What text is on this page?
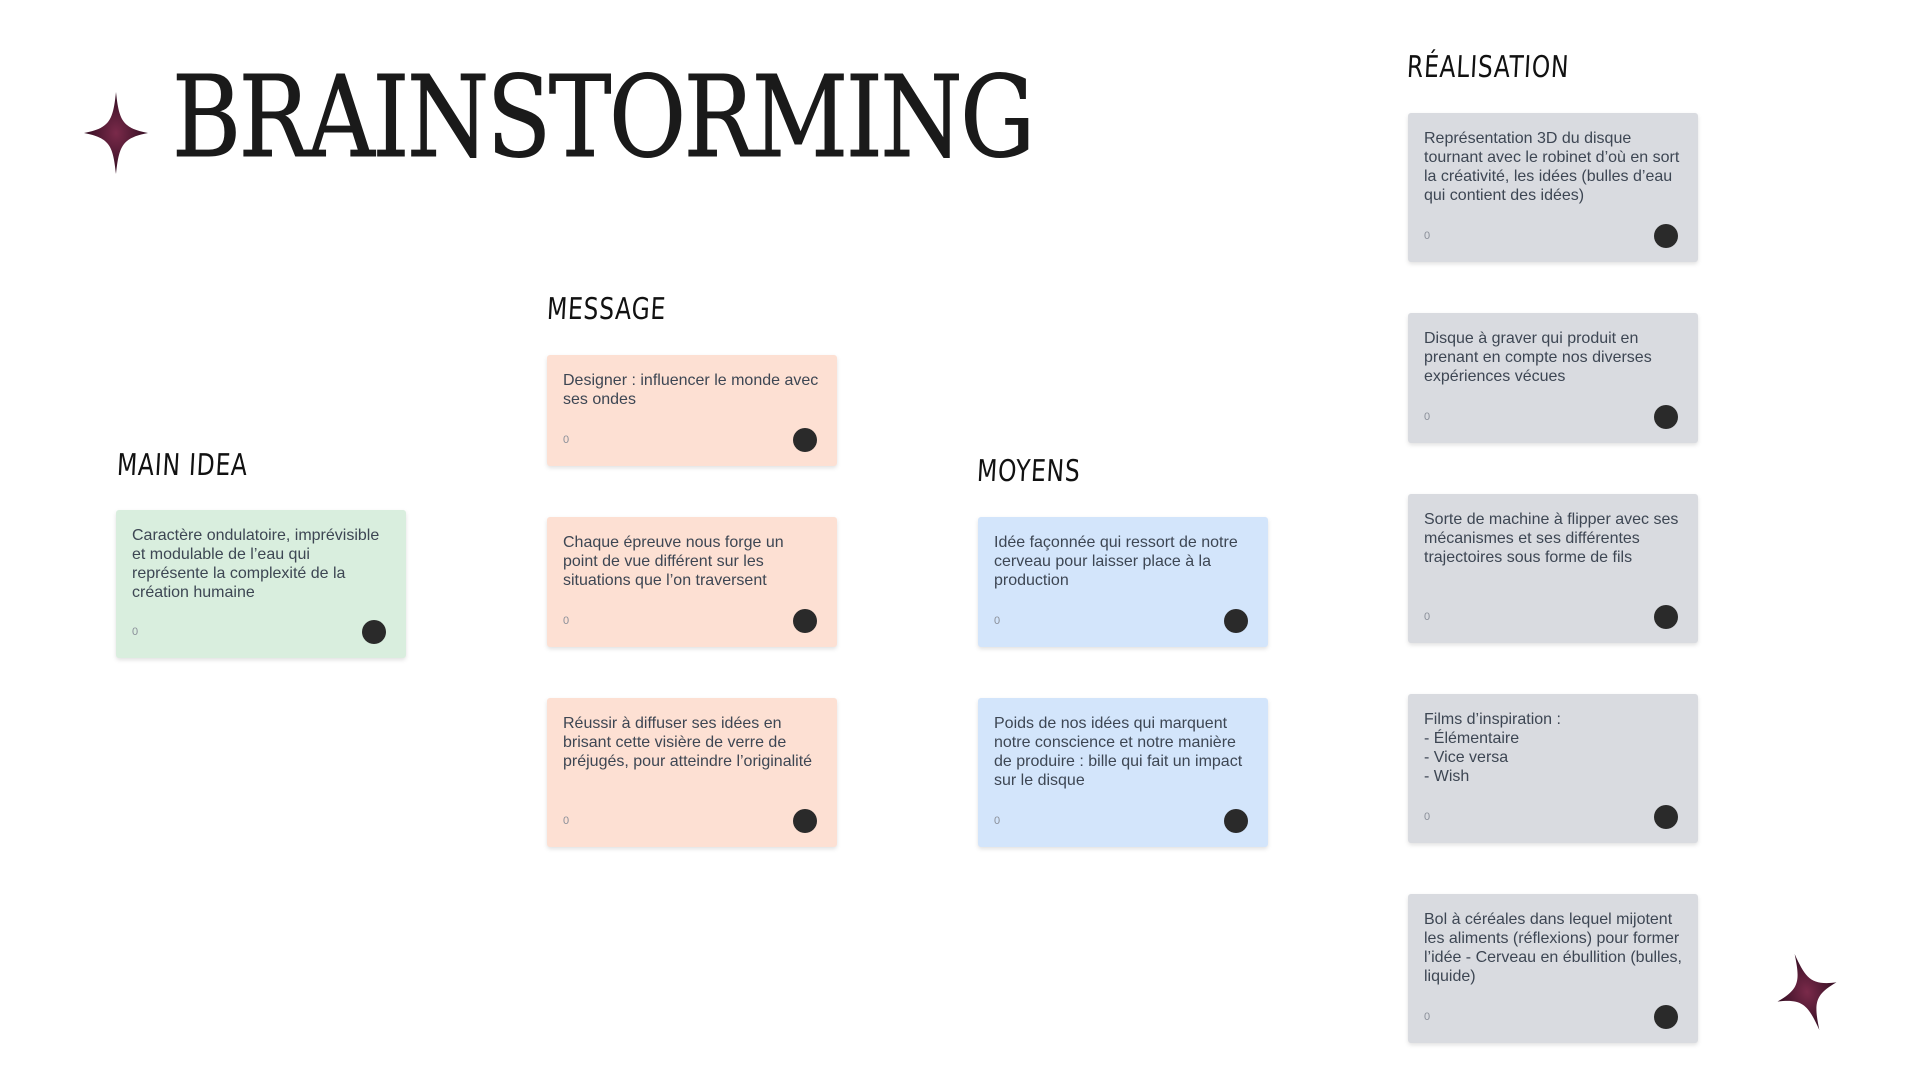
BRAINSTORMING
MAIN IDEA
MESSAGE
MOYENS
RÉALISATION
Caractère ondulatoire, imprévisible et modulable de l’eau qui représente la complexité de la création humaine
0
Designer : influencer le monde avec ses ondes
0
Chaque épreuve nous forge un point de vue différent sur les situations que l’on traversent
0
Réussir à diffuser ses idées en brisant cette visière de verre de préjugés, pour atteindre l’originalité
0
Idée façonnée qui ressort de notre cerveau pour laisser place à la production
0
Poids de nos idées qui marquent notre conscience et notre manière de produire : bille qui fait un impact sur le disque
0
Représentation 3D du disque tournant avec le robinet d’où en sort la créativité, les idées (bulles d’eau qui contient des idées)
0
Disque à graver qui produit en prenant en compte nos diverses expériences vécues
0
Sorte de machine à flipper avec ses mécanismes et ses différentes trajectoires sous forme de fils
0
Films d’inspiration :
- Élémentaire
- Vice versa
- Wish
0
Bol à céréales dans lequel mijotent les aliments (réflexions) pour former l’idée - Cerveau en ébullition (bulles, liquide)
0
